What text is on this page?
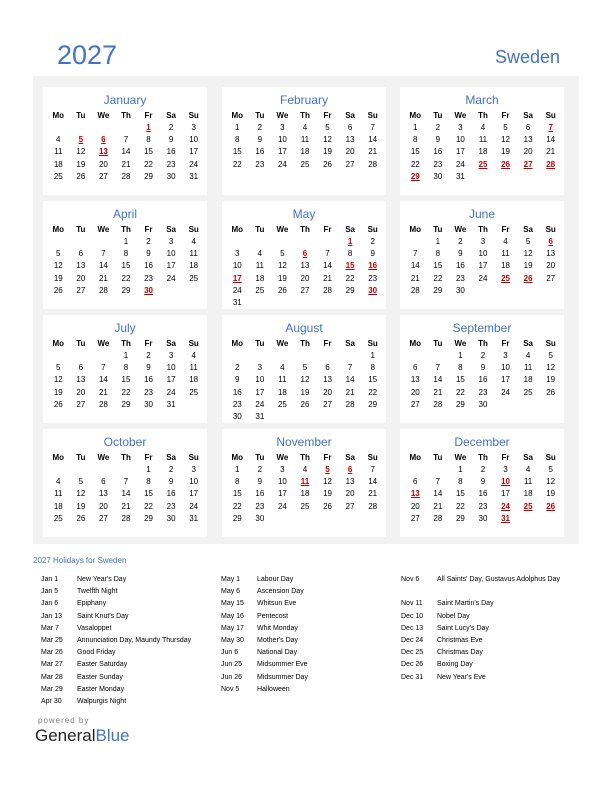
2027	Sweden
January
Mo	Tu	We	Th	Fr	Sa	Su
				1	2	3
4	5	6	7	8	9	10
11	12	13	14	15	16	17
18	19	20	21	22	23	24
25	26	27	28	29	30	31
February
Mo	Tu	We	Th	Fr	Sa	Su
1	2	3	4	5	6	7
8	9	10	11	12	13	14
15	16	17	18	19	20	21
22	23	24	25	26	27	28
March
Mo	Tu	We	Th	Fr	Sa	Su
1	2	3	4	5	6	7
8	9	10	11	12	13	14
15	16	17	18	19	20	21
22	23	24	25	26	27	28
29	30	31				
April
Mo	Tu	We	Th	Fr	Sa	Su
			1	2	3	4
5	6	7	8	9	10	11
12	13	14	15	16	17	18
19	20	21	22	23	24	25
26	27	28	29	30		
May
Mo	Tu	We	Th	Fr	Sa	Su
					1	2
3	4	5	6	7	8	9
10	11	12	13	14	15	16
17	18	19	20	21	22	23
24	25	26	27	28	29	30
31						
June
Mo	Tu	We	Th	Fr	Sa	Su
	1	2	3	4	5	6
7	8	9	10	11	12	13
14	15	16	17	18	19	20
21	22	23	24	25	26	27
28	29	30				
July
Mo	Tu	We	Th	Fr	Sa	Su
			1	2	3	4
5	6	7	8	9	10	11
12	13	14	15	16	17	18
19	20	21	22	23	24	25
26	27	28	29	30	31	
August
Mo	Tu	We	Th	Fr	Sa	Su
						1
2	3	4	5	6	7	8
9	10	11	12	13	14	15
16	17	18	19	20	21	22
23	24	25	26	27	28	29
30	31					
September
Mo	Tu	We	Th	Fr	Sa	Su
		1	2	3	4	5
6	7	8	9	10	11	12
13	14	15	16	17	18	19
20	21	22	23	24	25	26
27	28	29	30			
October
Mo	Tu	We	Th	Fr	Sa	Su
				1	2	3
4	5	6	7	8	9	10
11	12	13	14	15	16	17
18	19	20	21	22	23	24
25	26	27	28	29	30	31
November
Mo	Tu	We	Th	Fr	Sa	Su
1	2	3	4	5	6	7
8	9	10	11	12	13	14
15	16	17	18	19	20	21
22	23	24	25	26	27	28
29	30					
December
Mo	Tu	We	Th	Fr	Sa	Su
		1	2	3	4	5
6	7	8	9	10	11	12
13	14	15	16	17	18	19
20	21	22	23	24	25	26
27	28	29	30	31		
2027 Holidays for Sweden
Jan 1	New Year's Day
Jan 5	Twelfth Night
Jan 6	Epiphany
Jan 13	Saint Knut's Day
Mar 7	Vasaloppet
Mar 25	Annunciation Day, Maundy Thursday
Mar 26	Good Friday
Mar 27	Easter Saturday
Mar 28	Easter Sunday
Mar 29	Easter Monday
Apr 30	Walpurgis Night
May 1	Labour Day
May 6	Ascension Day
May 15	Whitsun Eve
May 16	Pentecost
May 17	Whit Monday
May 30	Mother's Day
Jun 6	National Day
Jun 25	Midsummer Eve
Jun 26	Midsummer Day
Nov 5	Halloween
Nov 6	All Saints' Day, Gustavus Adolphus Day
Nov 11	Saint Martin's Day
Dec 10	Nobel Day
Dec 13	Saint Lucy's Day
Dec 24	Christmas Eve
Dec 25	Christmas Day
Dec 26	Boxing Day
Dec 31	New Year's Eve
powered by
GeneralBlue
